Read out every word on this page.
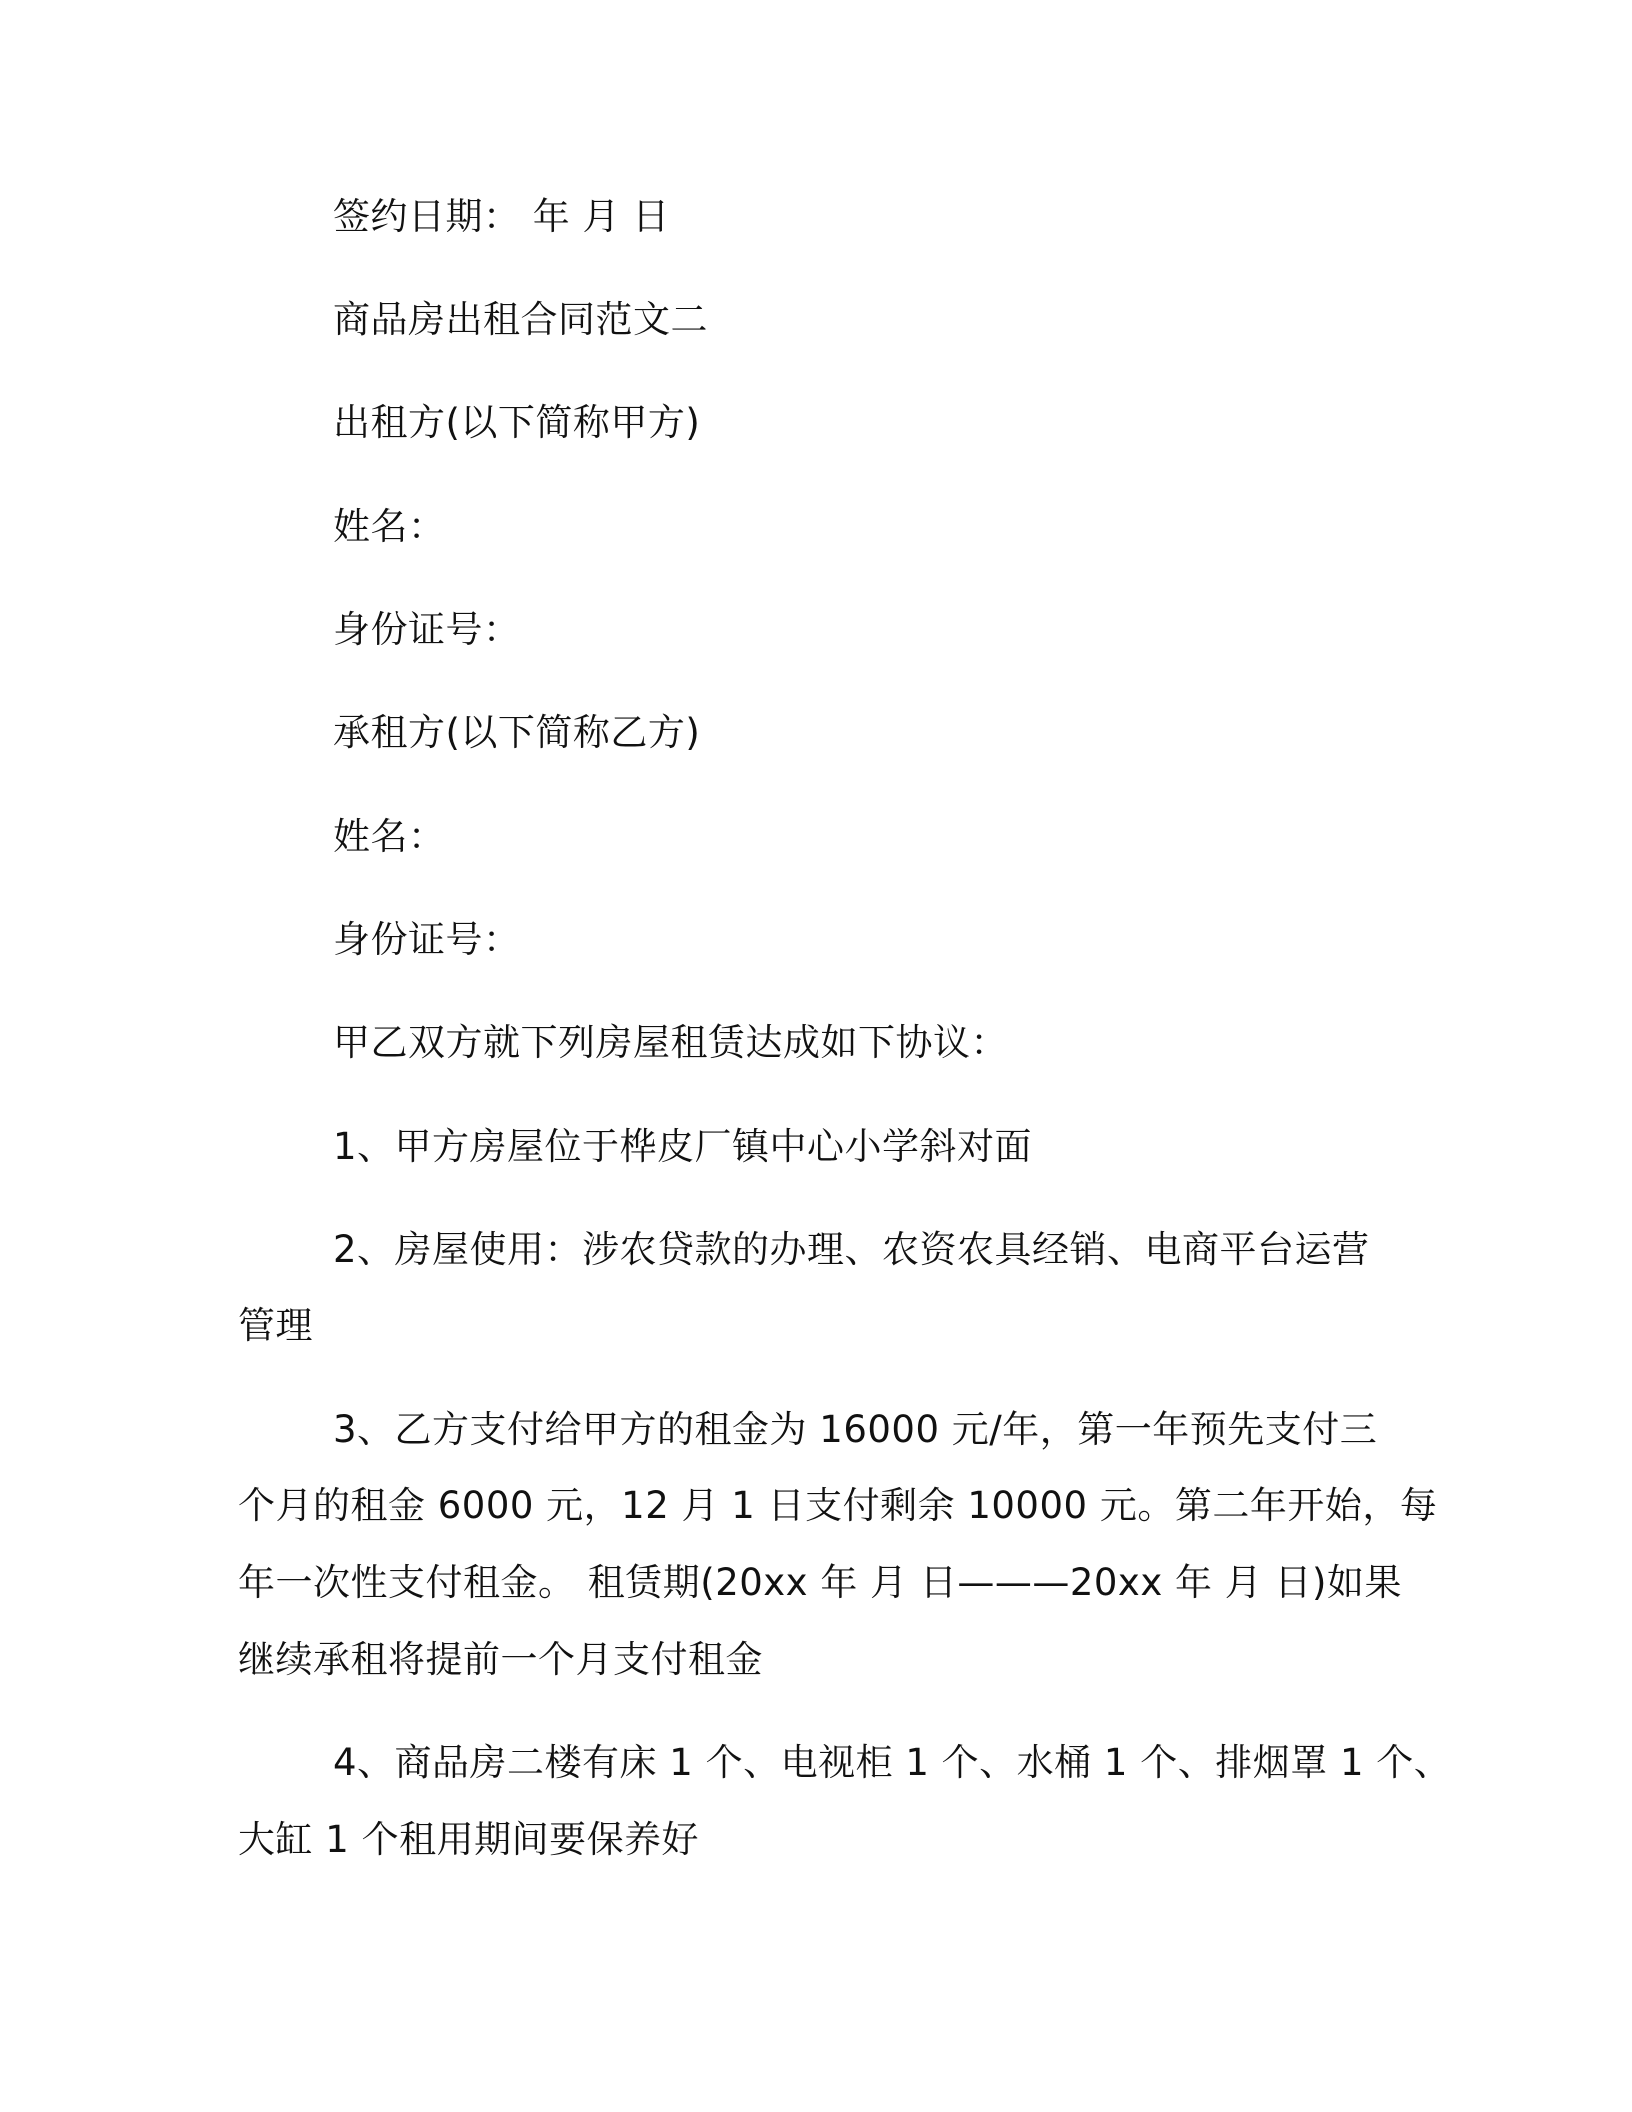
签约日期： 年 月 日
商品房出租合同范文二
出租方(以下简称甲方)
姓名：
身份证号：
承租方(以下简称乙方)
姓名：
身份证号：
甲乙双方就下列房屋租赁达成如下协议：
1、甲方房屋位于桦皮厂镇中心小学斜对面
2、房屋使用：涉农贷款的办理、农资农具经销、电商平台运营
管理
3、乙方支付给甲方的租金为 16000 元/年，第一年预先支付三
个月的租金 6000 元，12 月 1 日支付剩余 10000 元。第二年开始，每
年一次性支付租金。 租赁期(20xx 年 月 日———20xx 年 月 日)如果
继续承租将提前一个月支付租金
4、商品房二楼有床 1 个、电视柜 1 个、水桶 1 个、排烟罩 1 个、
大缸 1 个租用期间要保养好
